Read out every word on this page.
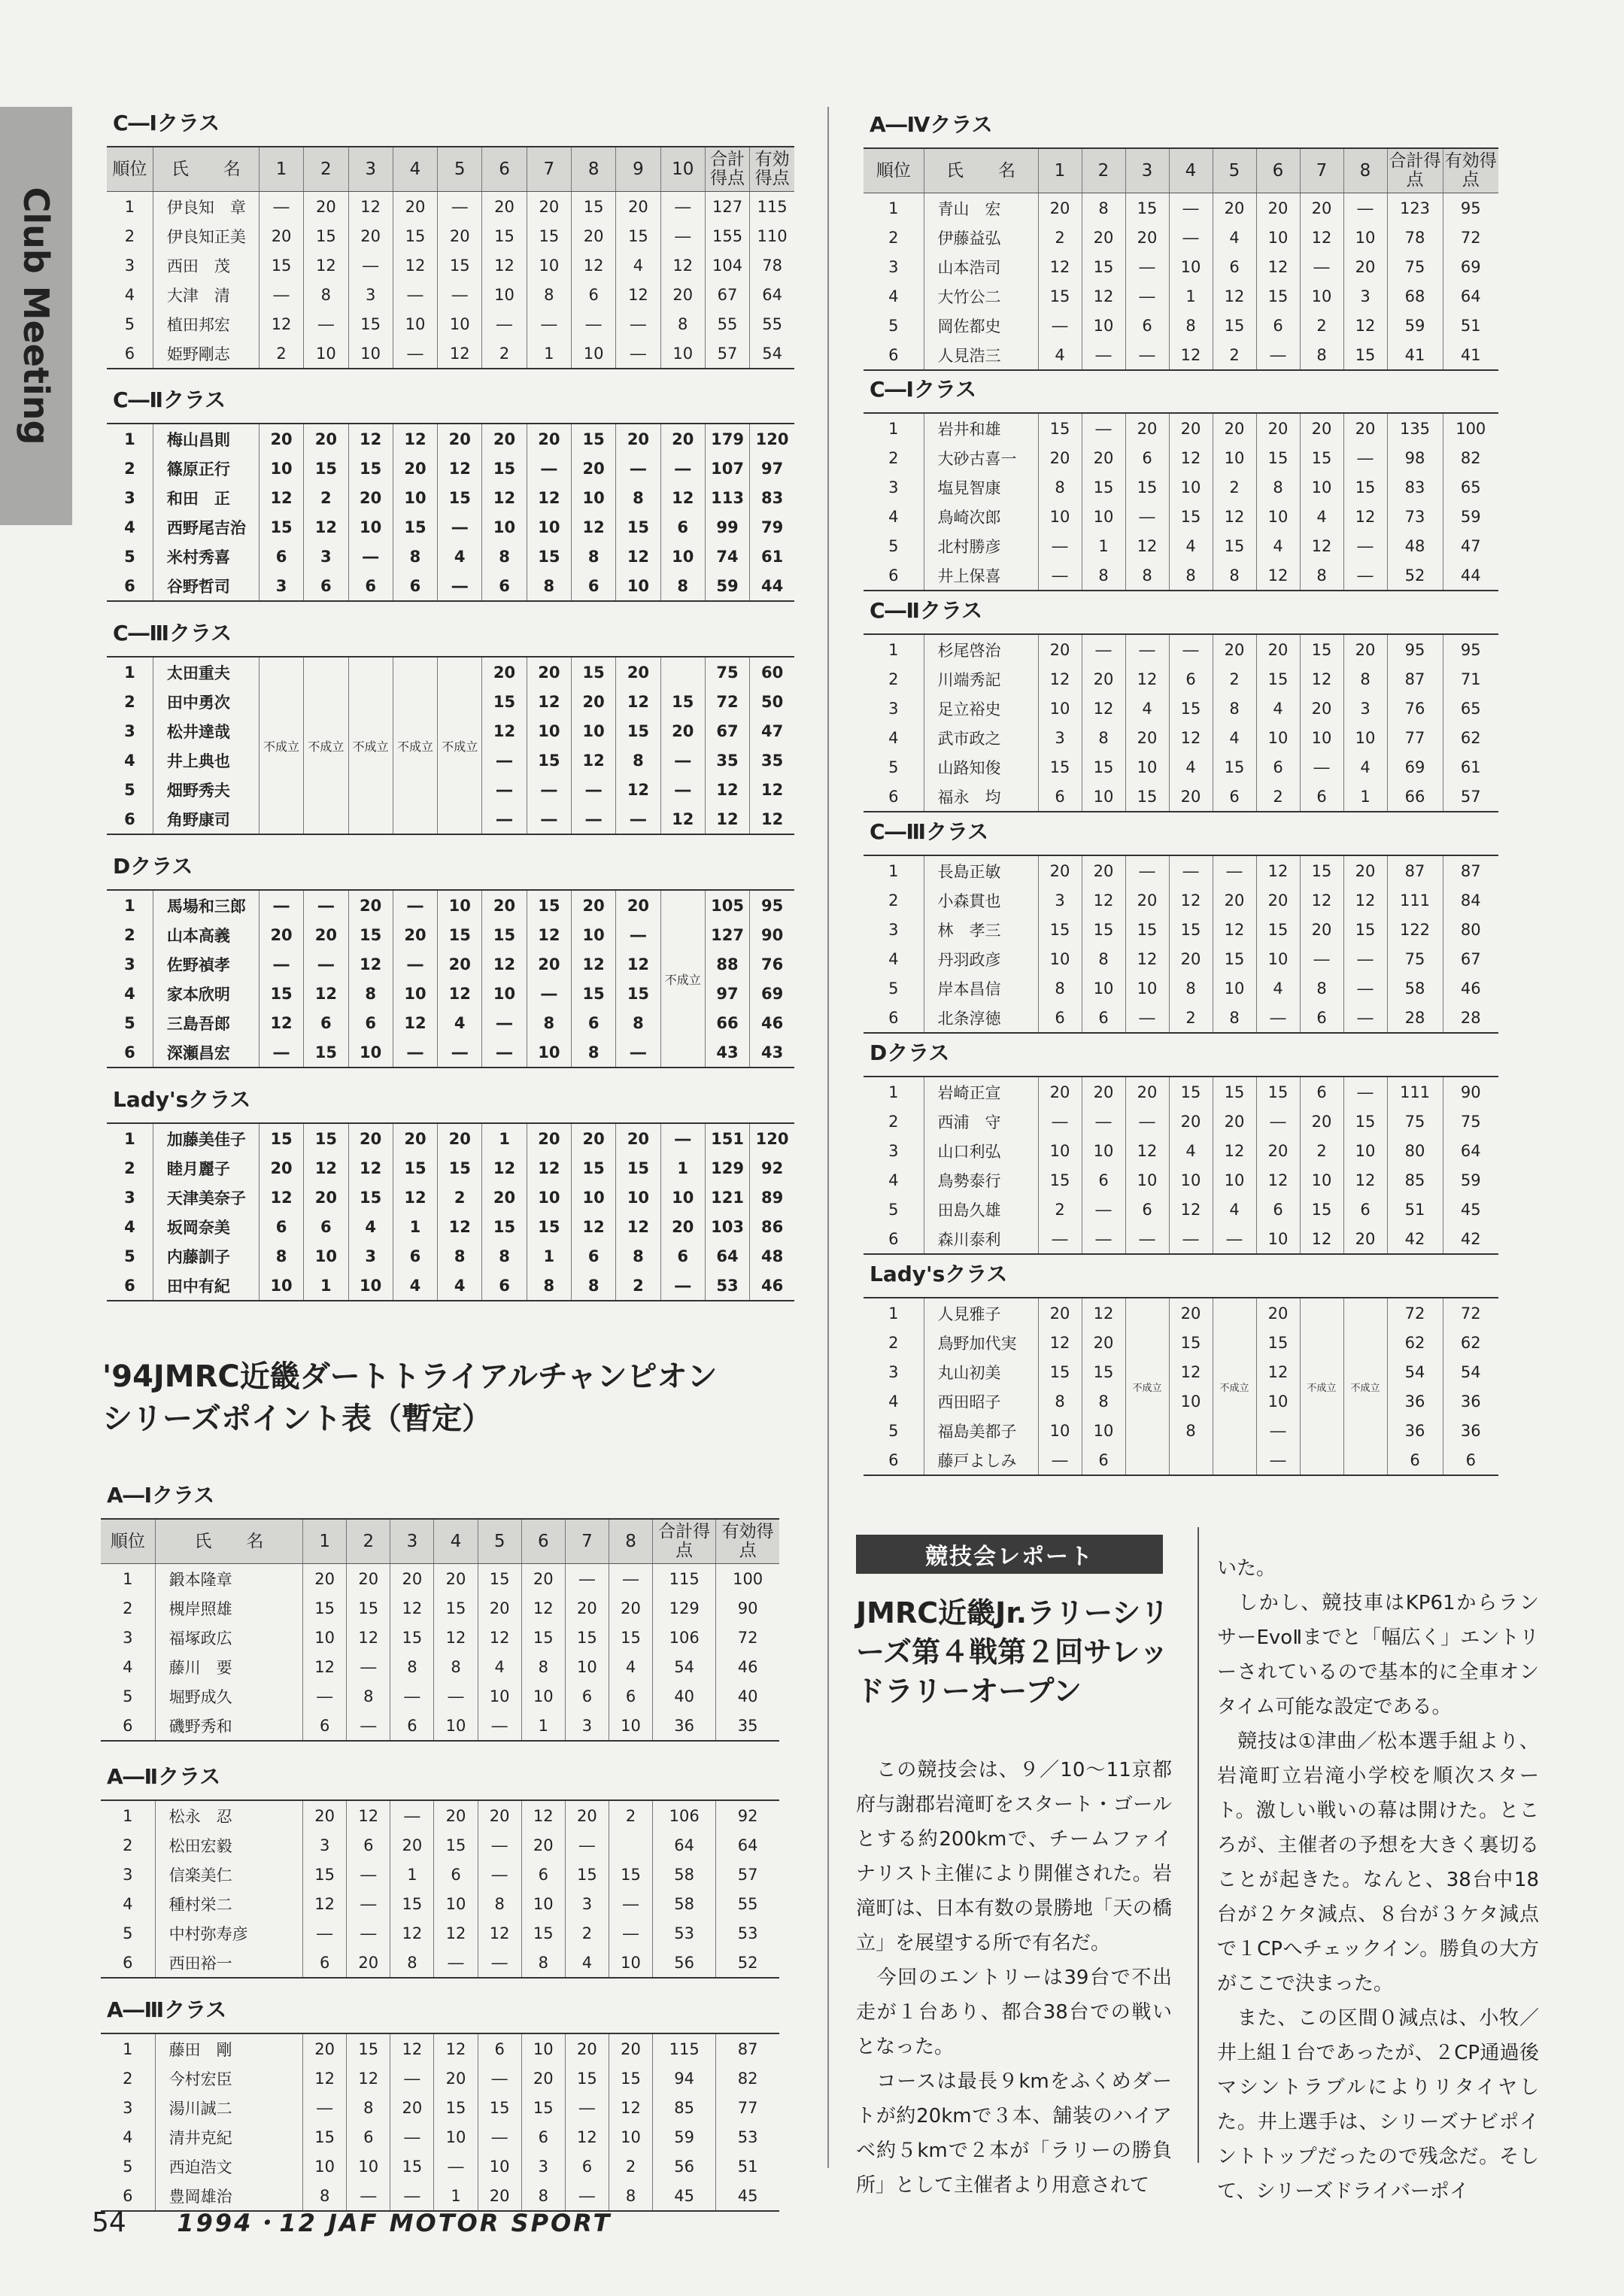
Club Meeting
C―Ⅰクラス
順位	氏　　名	1	2	3	4	5	6	7	8	9	10	合計得点	有効得点
1	伊良知　章	―	20	12	20	―	20	20	15	20	―	127	115
2	伊良知正美	20	15	20	15	20	15	15	20	15	―	155	110
3	西田　茂	15	12	―	12	15	12	10	12	4	12	104	78
4	大津　清	―	8	3	―	―	10	8	6	12	20	67	64
5	植田邦宏	12	―	15	10	10	―	―	―	―	8	55	55
6	姫野剛志	2	10	10	―	12	2	1	10	―	10	57	54
C―Ⅱクラス
1	梅山昌則	20	20	12	12	20	20	20	15	20	20	179	120
2	篠原正行	10	15	15	20	12	15	―	20	―	―	107	97
3	和田　正	12	2	20	10	15	12	12	10	8	12	113	83
4	西野尾吉治	15	12	10	15	―	10	10	12	15	6	99	79
5	米村秀喜	6	3	―	8	4	8	15	8	12	10	74	61
6	谷野哲司	3	6	6	6	―	6	8	6	10	8	59	44
C―Ⅲクラス
1	太田重夫	不成立	不成立	不成立	不成立	不成立	20	20	15	20		75	60
2	田中勇次						15	12	20	12	15	72	50
3	松井達哉						12	10	10	15	20	67	47
4	井上典也						―	15	12	8	―	35	35
5	畑野秀夫						―	―	―	12	―	12	12
6	角野康司						―	―	―	―	12	12	12
Dクラス
1	馬場和三郎	―	―	20	―	10	20	15	20	20	不成立	105	95
2	山本高義	20	20	15	20	15	15	12	10	―		127	90
3	佐野禎孝	―	―	12	―	20	12	20	12	12		88	76
4	家本欣明	15	12	8	10	12	10	―	15	15		97	69
5	三島吾郎	12	6	6	12	4	―	8	6	8		66	46
6	深瀬昌宏	―	15	10	―	―	―	10	8	―		43	43
Lady'sクラス
1	加藤美佳子	15	15	20	20	20	1	20	20	20	―	151	120
2	睦月麗子	20	12	12	15	15	12	12	15	15	1	129	92
3	天津美奈子	12	20	15	12	2	20	10	10	10	10	121	89
4	坂岡奈美	6	6	4	1	12	15	15	12	12	20	103	86
5	内藤訓子	8	10	3	6	8	8	1	6	8	6	64	48
6	田中有紀	10	1	10	4	4	6	8	8	2	―	53	46
A―Ⅰクラス
順位	氏　　名	1	2	3	4	5	6	7	8	合計得点	有効得点
1	鍛本隆章	20	20	20	20	15	20	―	―	115	100
2	槻岸照雄	15	15	12	15	20	12	20	20	129	90
3	福塚政広	10	12	15	12	12	15	15	15	106	72
4	藤川　要	12	―	8	8	4	8	10	4	54	46
5	堀野成久	―	8	―	―	10	10	6	6	40	40
6	磯野秀和	6	―	6	10	―	1	3	10	36	35
A―Ⅱクラス
1	松永　忍	20	12	―	20	20	12	20	2	106	92
2	松田宏毅	3	6	20	15	―	20	―		64	64
3	信楽美仁	15	―	1	6	―	6	15	15	58	57
4	種村栄二	12	―	15	10	8	10	3	―	58	55
5	中村弥寿彦	―	―	12	12	12	15	2	―	53	53
6	西田裕一	6	20	8	―	―	8	4	10	56	52
A―Ⅲクラス
1	藤田　剛	20	15	12	12	6	10	20	20	115	87
2	今村宏臣	12	12	―	20	―	20	15	15	94	82
3	湯川誠二	―	8	20	15	15	15	―	12	85	77
4	清井克紀	15	6	―	10	―	6	12	10	59	53
5	西迫浩文	10	10	15	―	10	3	6	2	56	51
6	豊岡雄治	8	―	―	1	20	8	―	8	45	45
A―Ⅳクラス
順位	氏　　名	1	2	3	4	5	6	7	8	合計得点	有効得点
1	青山　宏	20	8	15	―	20	20	20	―	123	95
2	伊藤益弘	2	20	20	―	4	10	12	10	78	72
3	山本浩司	12	15	―	10	6	12	―	20	75	69
4	大竹公二	15	12	―	1	12	15	10	3	68	64
5	岡佐都史	―	10	6	8	15	6	2	12	59	51
6	人見浩三	4	―	―	12	2	―	8	15	41	41
C―Ⅰクラス
1	岩井和雄	15	―	20	20	20	20	20	20	135	100
2	大砂古喜一	20	20	6	12	10	15	15	―	98	82
3	塩見智康	8	15	15	10	2	8	10	15	83	65
4	鳥崎次郎	10	10	―	15	12	10	4	12	73	59
5	北村勝彦	―	1	12	4	15	4	12	―	48	47
6	井上保喜	―	8	8	8	8	12	8	―	52	44
C―Ⅱクラス
1	杉尾啓治	20	―	―	―	20	20	15	20	95	95
2	川端秀記	12	20	12	6	2	15	12	8	87	71
3	足立裕史	10	12	4	15	8	4	20	3	76	65
4	武市政之	3	8	20	12	4	10	10	10	77	62
5	山路知俊	15	15	10	4	15	6	―	4	69	61
6	福永　均	6	10	15	20	6	2	6	1	66	57
C―Ⅲクラス
1	長島正敏	20	20	―	―	―	12	15	20	87	87
2	小森貫也	3	12	20	12	20	20	12	12	111	84
3	林　孝三	15	15	15	15	12	15	20	15	122	80
4	丹羽政彦	10	8	12	20	15	10	―	―	75	67
5	岸本昌信	8	10	10	8	10	4	8	―	58	46
6	北条淳徳	6	6	―	2	8	―	6	―	28	28
Dクラス
1	岩崎正宣	20	20	20	15	15	15	6	―	111	90
2	西浦　守	―	―	―	20	20	―	20	15	75	75
3	山口利弘	10	10	12	4	12	20	2	10	80	64
4	鳥勢泰行	15	6	10	10	10	12	10	12	85	59
5	田島久雄	2	―	6	12	4	6	15	6	51	45
6	森川泰利	―	―	―	―	―	10	12	20	42	42
Lady'sクラス
1	人見雅子	20	12	不成立	20	不成立	20	不成立	不成立	72	72
2	鳥野加代実	12	20		15		15			62	62
3	丸山初美	15	15		12		12			54	54
4	西田昭子	8	8		10		10			36	36
5	福島美都子	10	10		8		―			36	36
6	藤戸よしみ	―	6				―			6	6
'94JMRC近畿ダートトライアルチャンピオン
シリーズポイント表（暫定）
競技会レポート
JMRC近畿Jr.ラリーシリーズ第４戦第２回サレッドラリーオープン

　この競技会は、９／10〜11京都府与謝郡岩滝町をスタート・ゴールとする約200kmで、チームファイナリスト主催により開催された。岩滝町は、日本有数の景勝地「天の橋立」を展望する所で有名だ。

　今回のエントリーは39台で不出走が１台あり、都合38台での戦いとなった。

　コースは最長９kmをふくめダートが約20kmで３本、舗装のハイアベ約５kmで２本が「ラリーの勝負所」として主催者より用意されて

いた。

　しかし、競技車はKP61からランサーEvoⅡまでと「幅広く」エントリーされているので基本的に全車オンタイム可能な設定である。

　競技は①津曲／松本選手組より、岩滝町立岩滝小学校を順次スタート。激しい戦いの幕は開けた。ところが、主催者の予想を大きく裏切ることが起きた。なんと、38台中18台が２ケタ減点、８台が３ケタ減点で１CPへチェックイン。勝負の大方がここで決まった。

　また、この区間０減点は、小牧／井上組１台であったが、２CP通過後マシントラブルによりリタイヤした。井上選手は、シリーズナビポイントトップだったので残念だ。そして、シリーズドライバーポイ

54 1994・12 JAF MOTOR SPORT
